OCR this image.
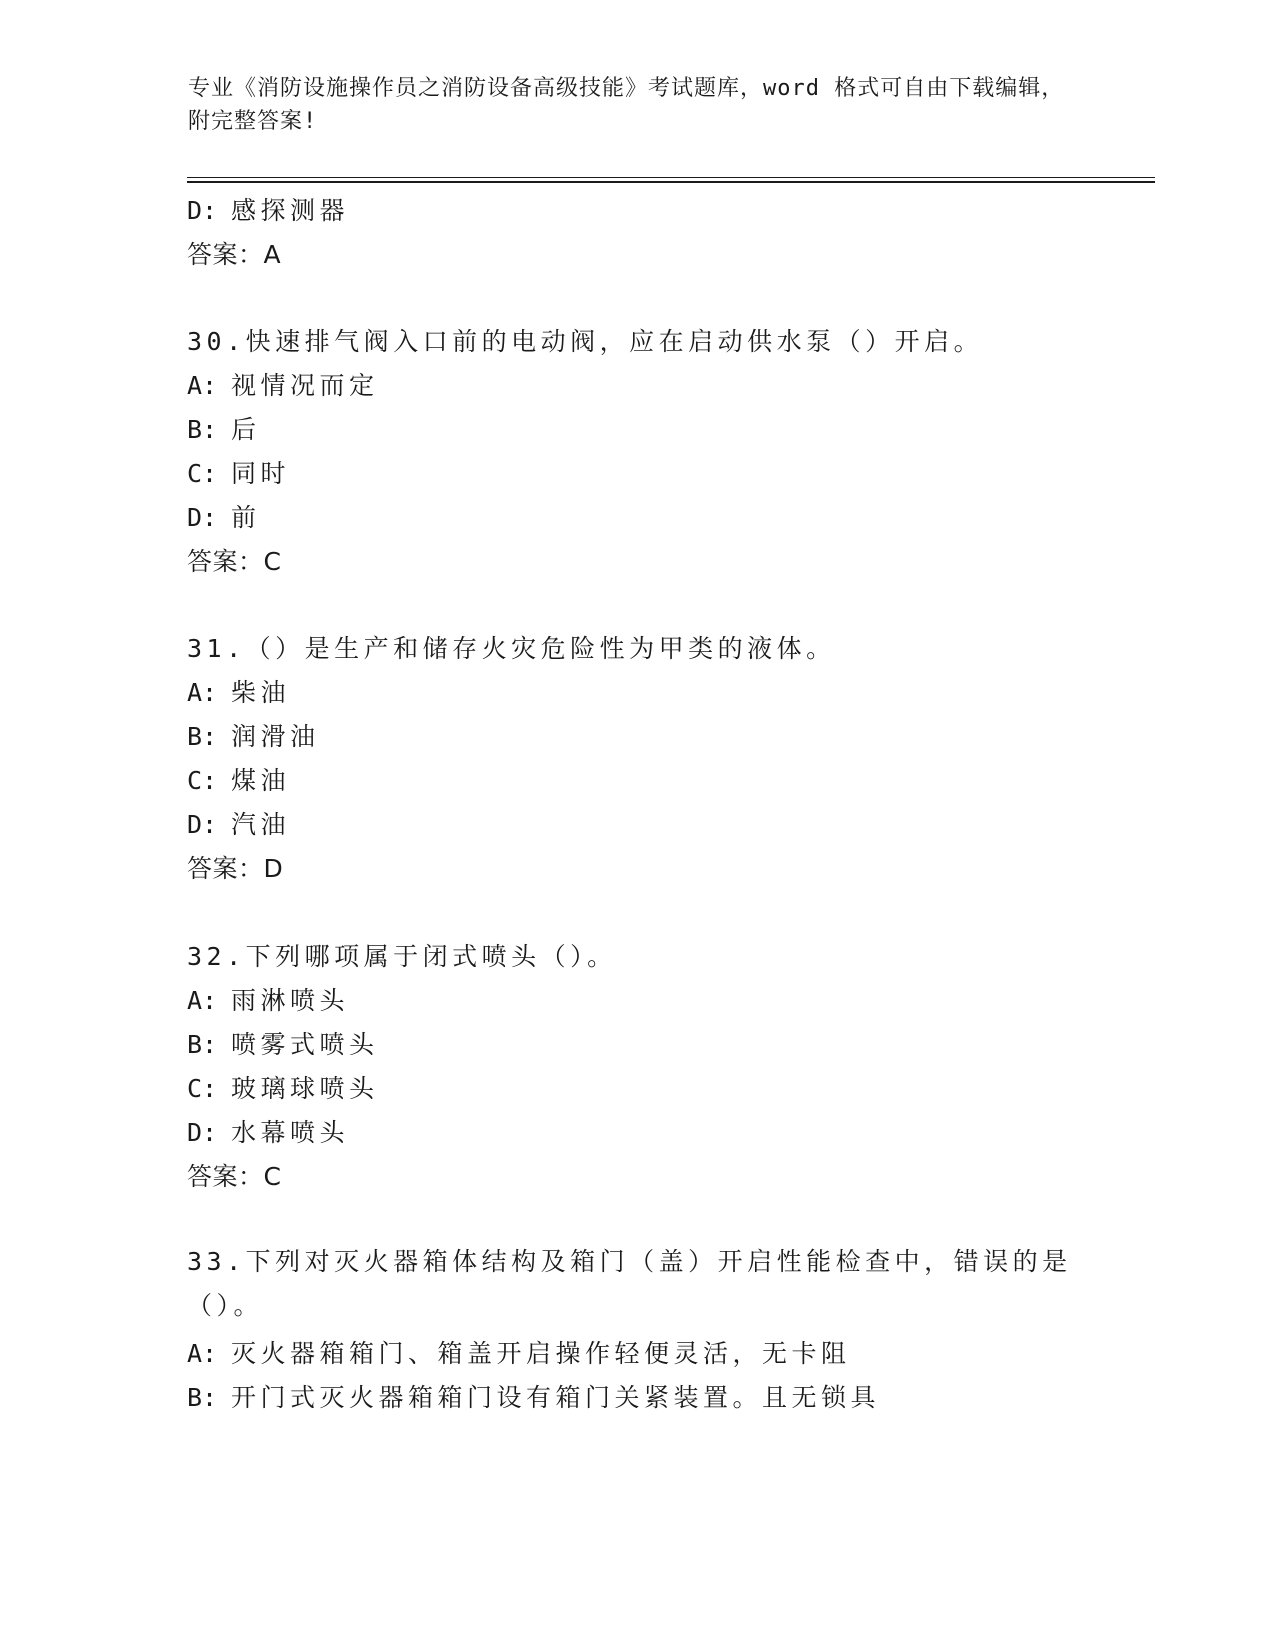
专业《消防设施操作员之消防设备高级技能》考试题库，word 格式可自由下载编辑，附完整答案!
D: 感探测器
答案：A
30.快速排气阀入口前的电动阀，应在启动供水泵（）开启。
A: 视情况而定
B: 后
C: 同时
D: 前
答案：C
31.（）是生产和储存火灾危险性为甲类的液体。
A: 柴油
B: 润滑油
C: 煤油
D: 汽油
答案：D
32.下列哪项属于闭式喷头（）。
A: 雨淋喷头
B: 喷雾式喷头
C: 玻璃球喷头
D: 水幕喷头
答案：C
33.下列对灭火器箱体结构及箱门（盖）开启性能检查中，错误的是（）。
A: 灭火器箱箱门、箱盖开启操作轻便灵活，无卡阻
B: 开门式灭火器箱箱门设有箱门关紧装置。且无锁具
